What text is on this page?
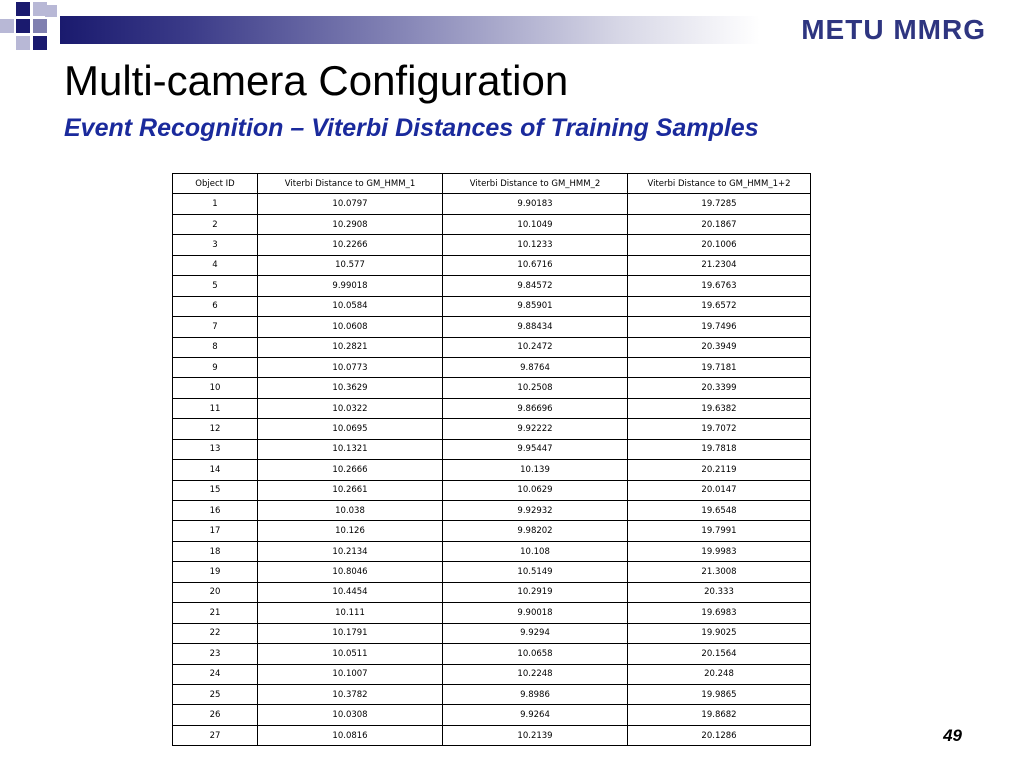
METU MMRG
Multi-camera Configuration
Event Recognition – Viterbi Distances of Training Samples
Object ID	Viterbi Distance to GM_HMM_1	Viterbi Distance to GM_HMM_2	Viterbi Distance to GM_HMM_1+2
1	10.0797	9.90183	19.7285
2	10.2908	10.1049	20.1867
3	10.2266	10.1233	20.1006
4	10.577	10.6716	21.2304
5	9.99018	9.84572	19.6763
6	10.0584	9.85901	19.6572
7	10.0608	9.88434	19.7496
8	10.2821	10.2472	20.3949
9	10.0773	9.8764	19.7181
10	10.3629	10.2508	20.3399
11	10.0322	9.86696	19.6382
12	10.0695	9.92222	19.7072
13	10.1321	9.95447	19.7818
14	10.2666	10.139	20.2119
15	10.2661	10.0629	20.0147
16	10.038	9.92932	19.6548
17	10.126	9.98202	19.7991
18	10.2134	10.108	19.9983
19	10.8046	10.5149	21.3008
20	10.4454	10.2919	20.333
21	10.111	9.90018	19.6983
22	10.1791	9.9294	19.9025
23	10.0511	10.0658	20.1564
24	10.1007	10.2248	20.248
25	10.3782	9.8986	19.9865
26	10.0308	9.9264	19.8682
27	10.0816	10.2139	20.1286	49
